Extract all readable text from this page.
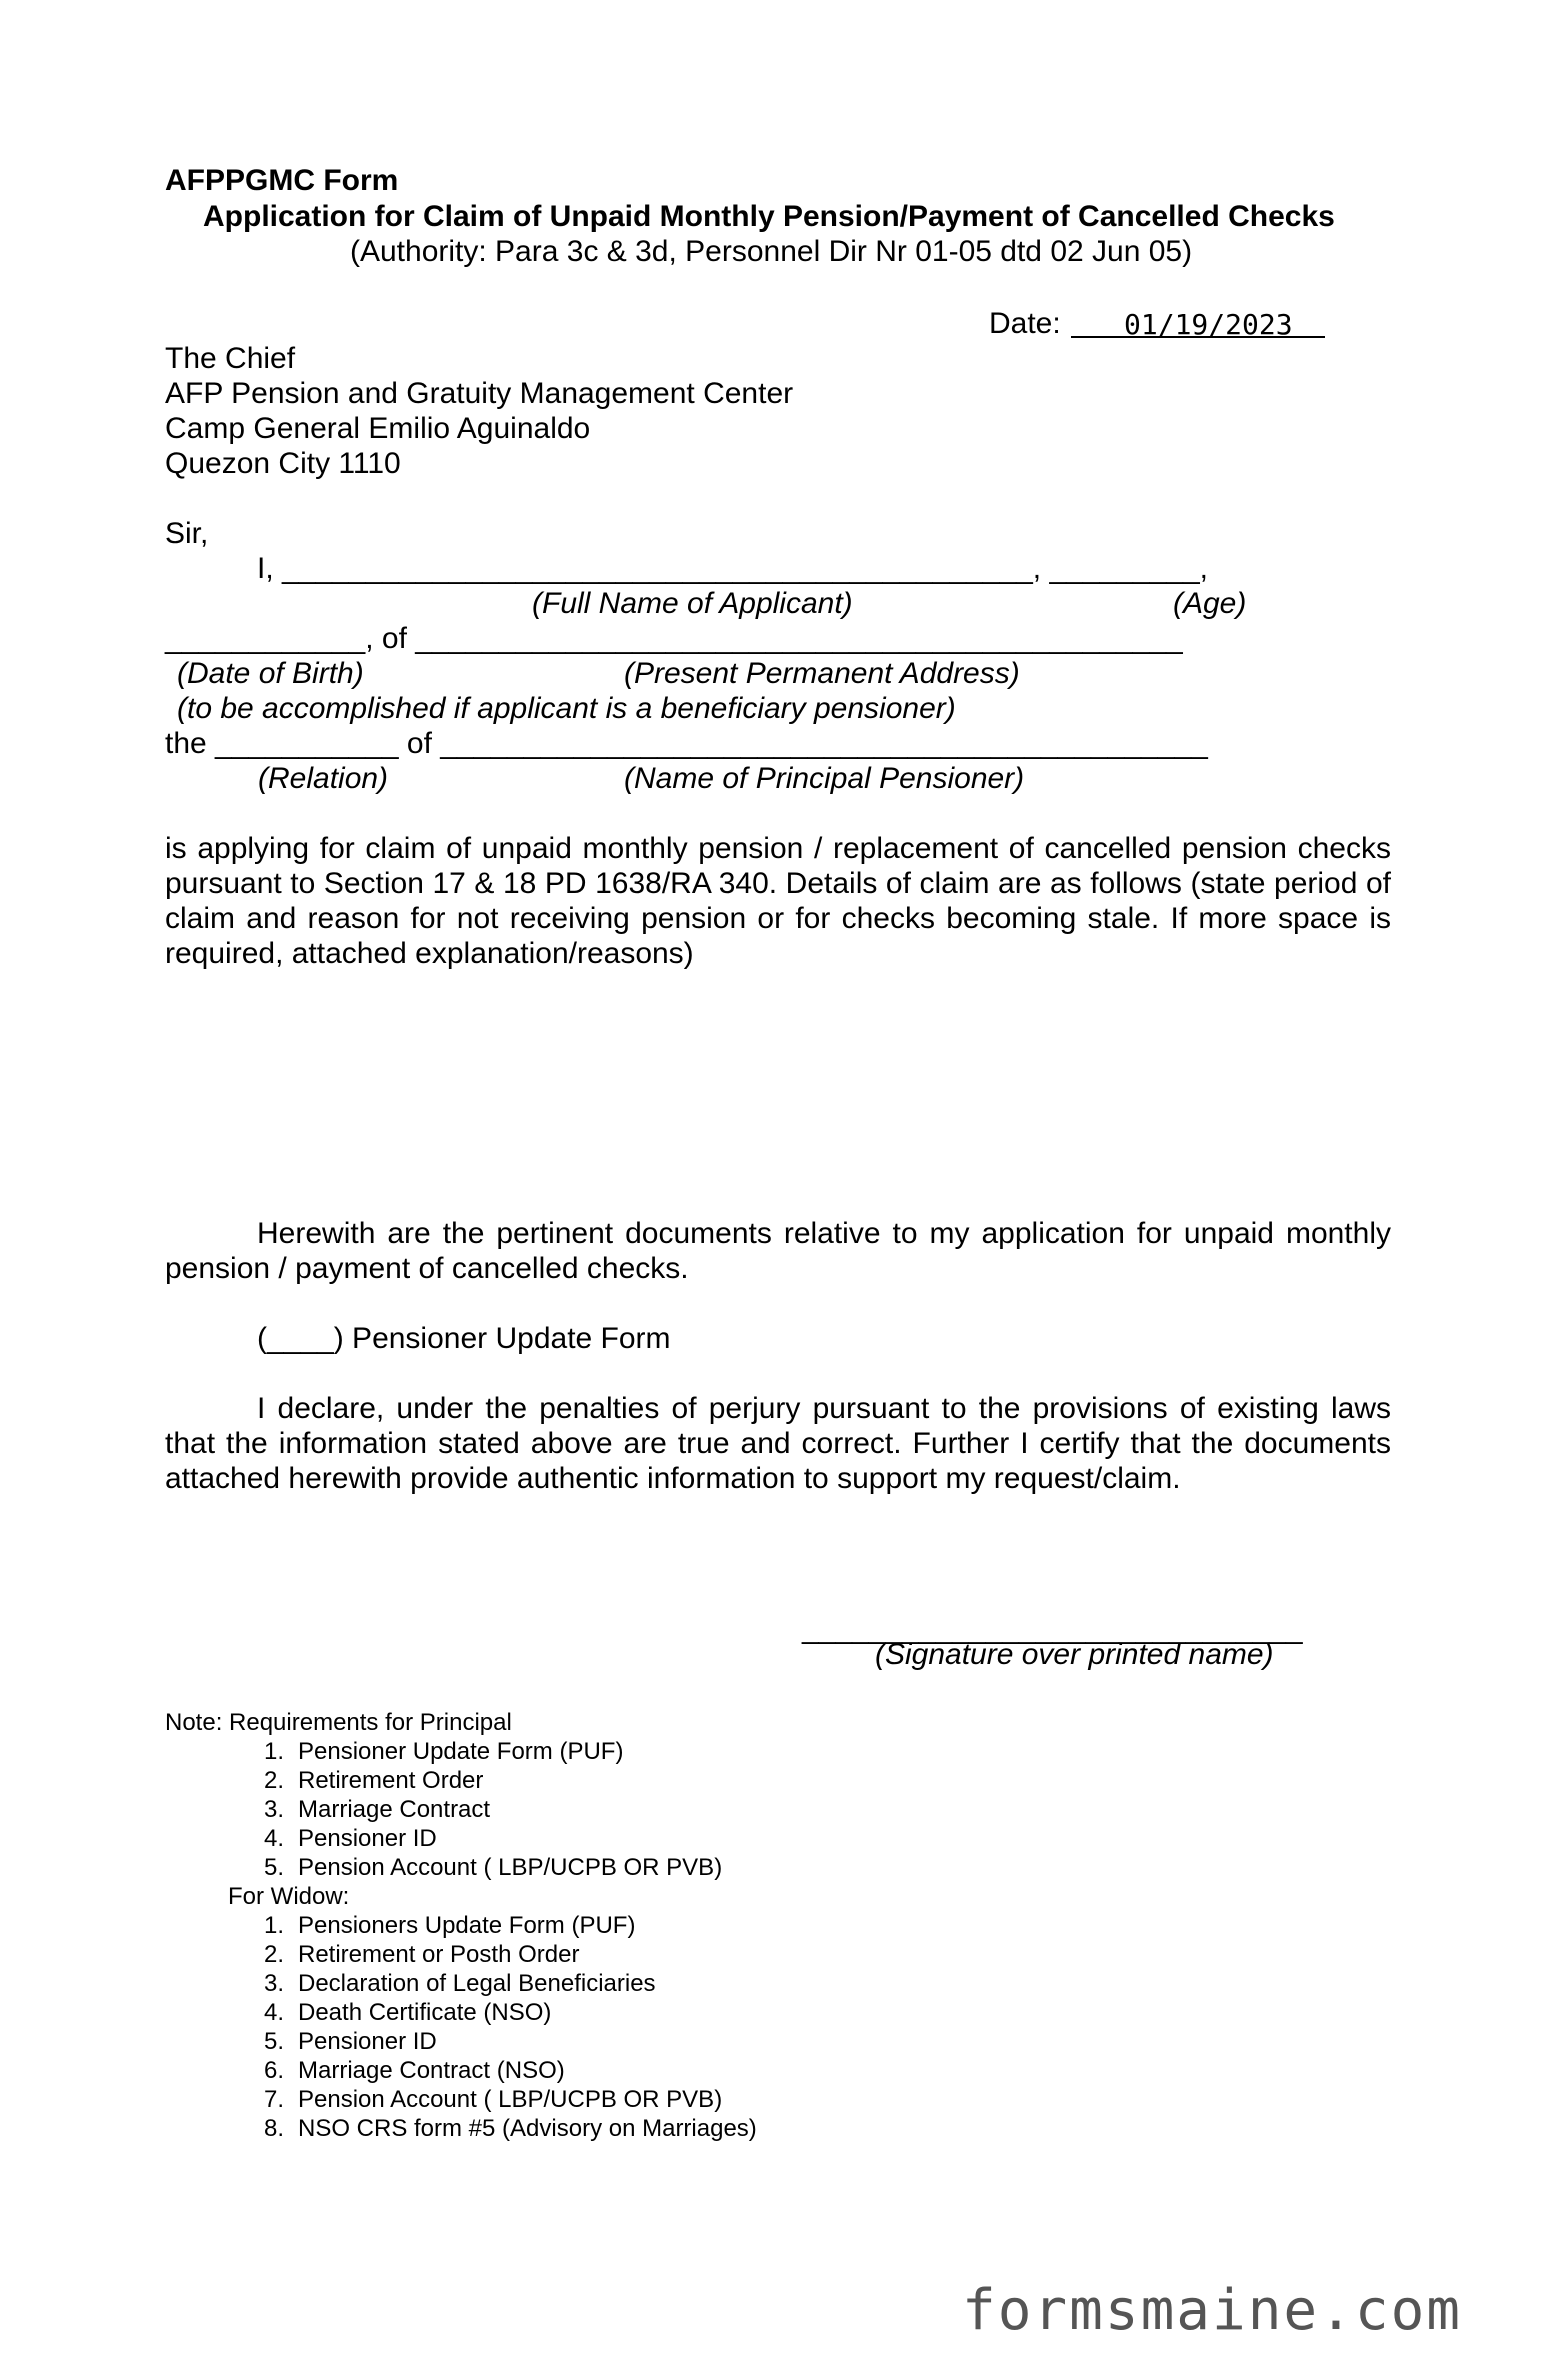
AFPPGMC Form
Application for Claim of Unpaid Monthly Pension/Payment of Cancelled Checks
(Authority: Para 3c & 3d, Personnel Dir Nr 01-05 dtd 02 Jun 05)
Date: 01/19/2023
The Chief
AFP Pension and Gratuity Management Center
Camp General Emilio Aguinaldo
Quezon City 1110
Sir,
I, _____________________________________________, _________,
(Full Name of Applicant)	(Age)
____________, of ______________________________________________
(Date of Birth)	(Present Permanent Address)
(to be accomplished if applicant is a beneficiary pensioner)
the ___________ of ______________________________________________
(Relation)	(Name of Principal Pensioner)
is applying for claim of unpaid monthly pension / replacement of cancelled pension checks pursuant to Section 17 & 18 PD 1638/RA 340. Details of claim are as follows (state period of claim and reason for not receiving pension or for checks becoming stale. If more space is required, attached explanation/reasons)
Herewith are the pertinent documents relative to my application for unpaid monthly pension / payment of cancelled checks.
(____) Pensioner Update Form
I declare, under the penalties of perjury pursuant to the provisions of existing laws that the information stated above are true and correct. Further I certify that the documents attached herewith provide authentic information to support my request/claim.
______________________________
(Signature over printed name)
Note: Requirements for Principal
1. Pensioner Update Form (PUF)
2. Retirement Order
3. Marriage Contract
4. Pensioner ID
5. Pension Account ( LBP/UCPB OR PVB)
For Widow:
1. Pensioners Update Form (PUF)
2. Retirement or Posth Order
3. Declaration of Legal Beneficiaries
4. Death Certificate (NSO)
5. Pensioner ID
6. Marriage Contract (NSO)
7. Pension Account ( LBP/UCPB OR PVB)
8. NSO CRS form #5 (Advisory on Marriages)
formsmaine.com
